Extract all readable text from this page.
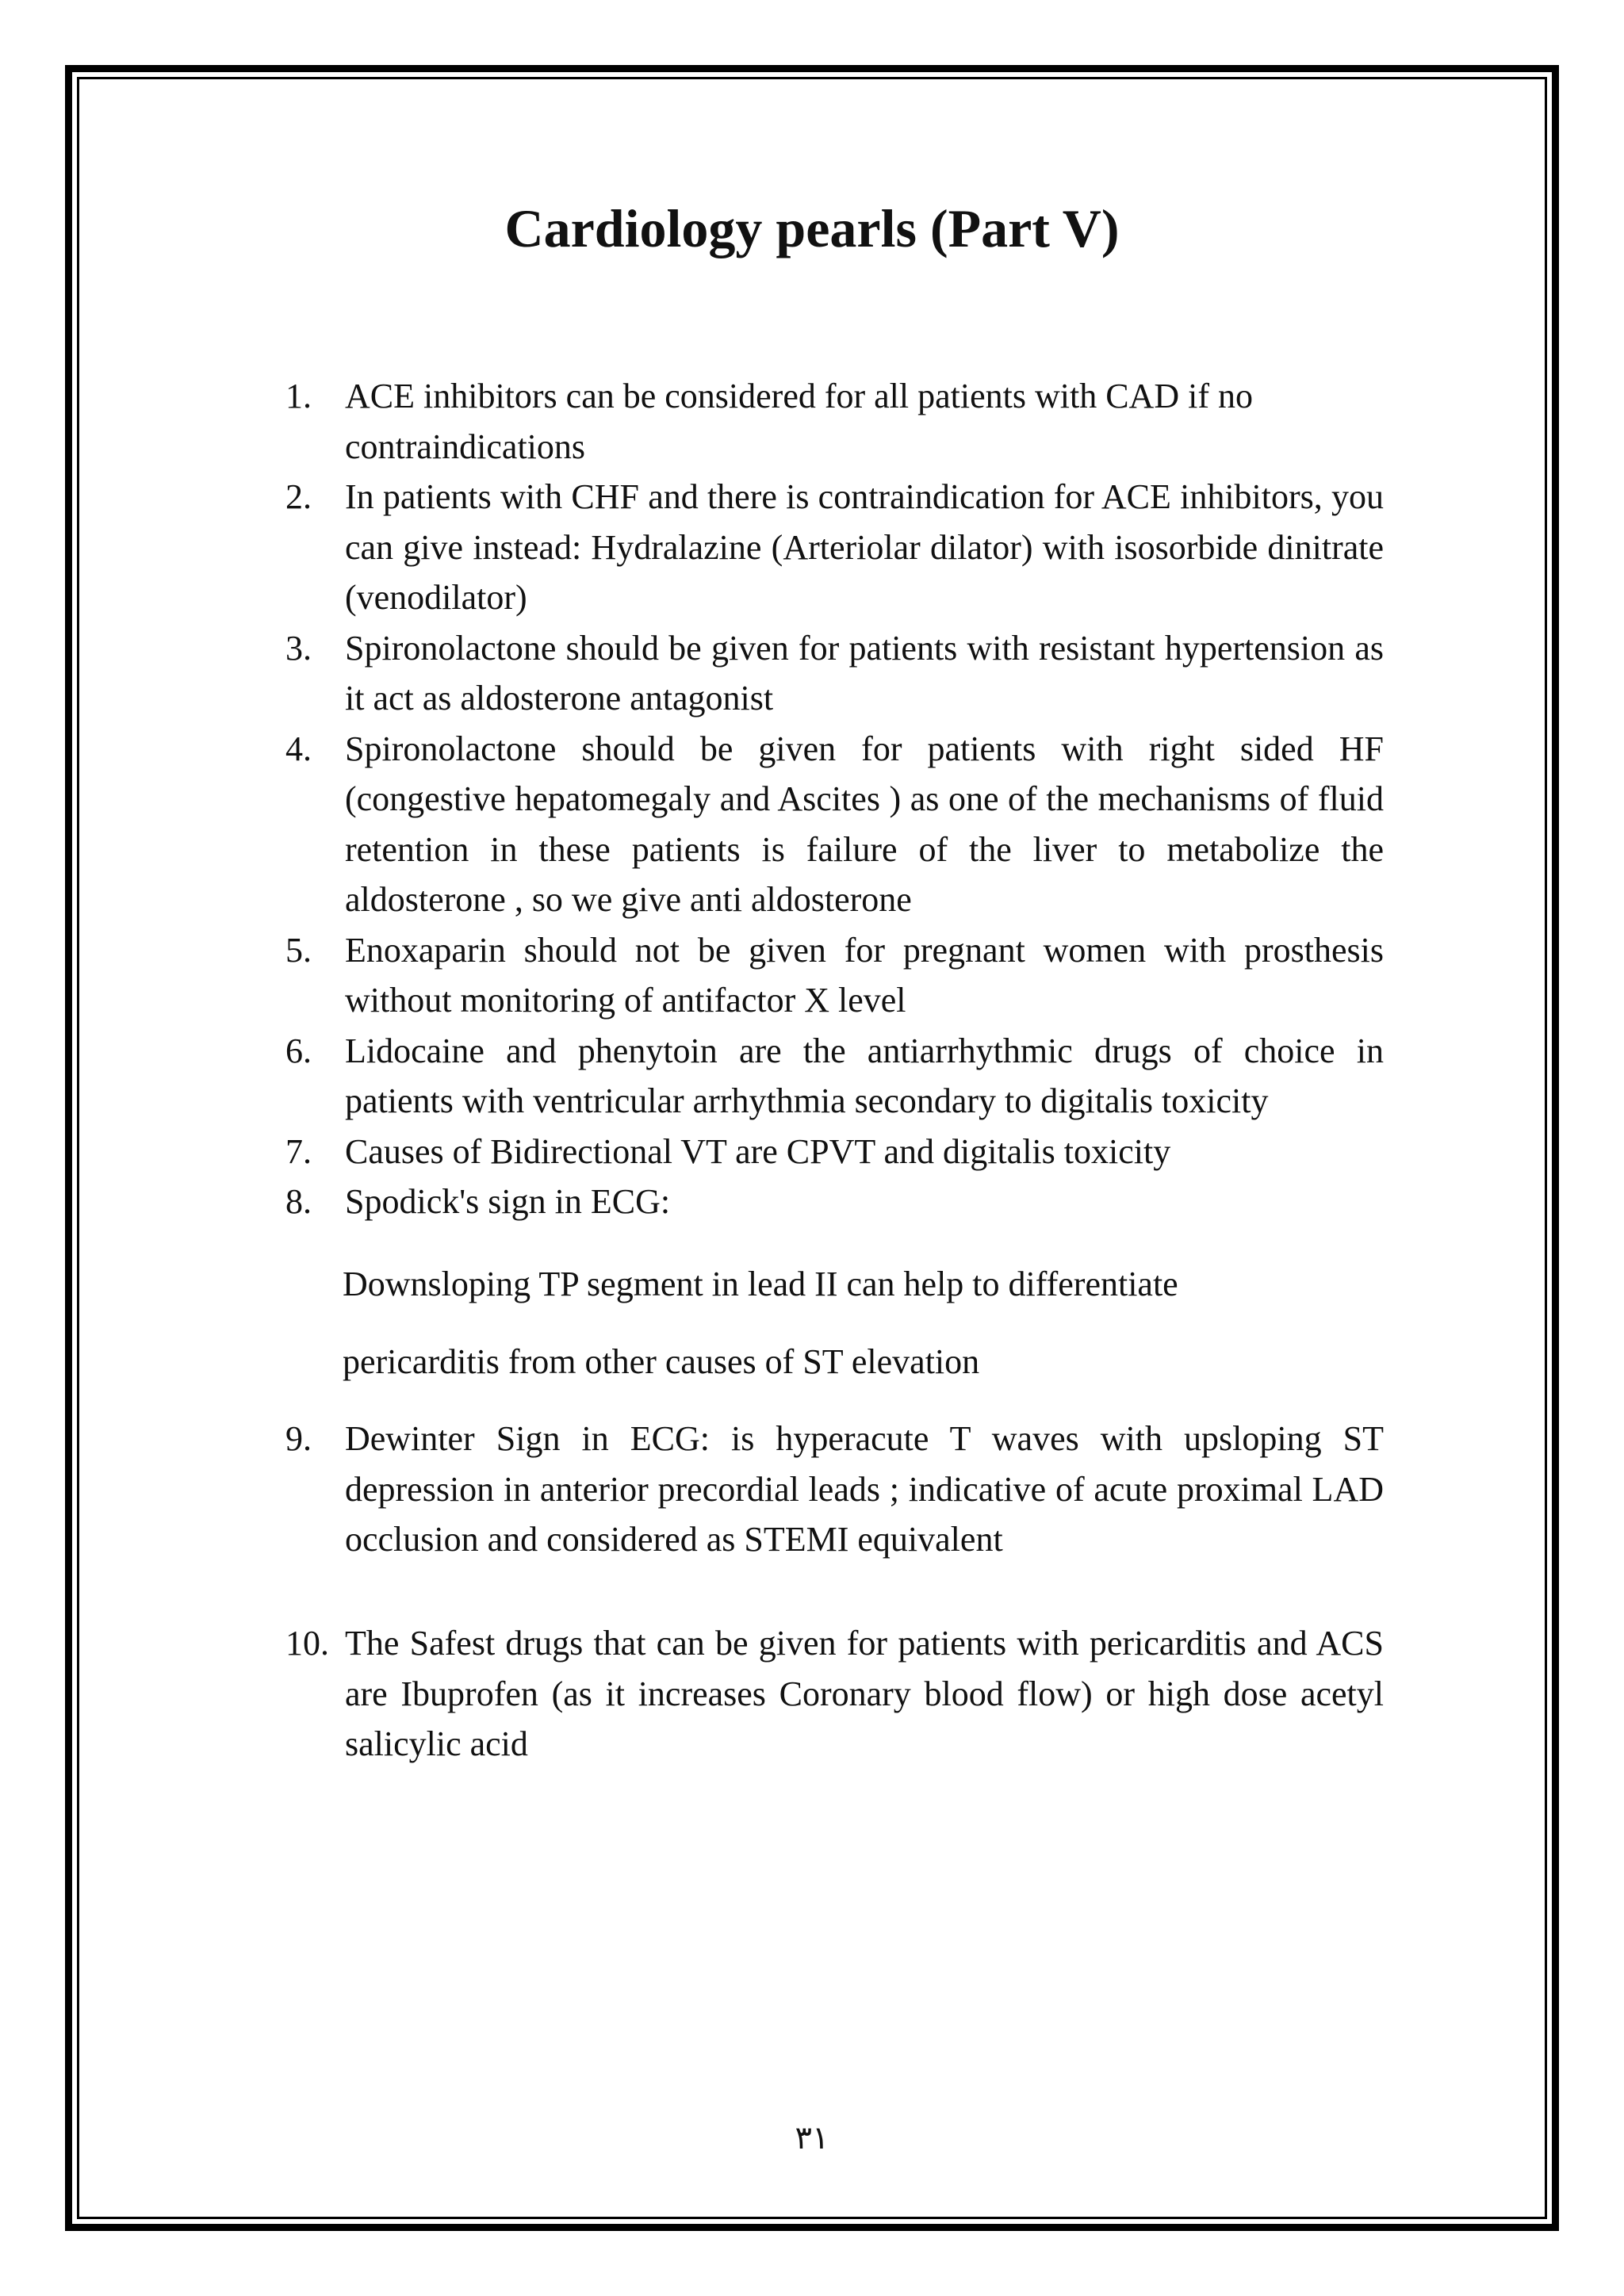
Cardiology pearls (Part V)
1. ACE inhibitors can be considered for all patients with CAD if no contraindications
2. In patients with CHF and there is contraindication for ACE inhibitors, you can give instead: Hydralazine (Arteriolar dilator) with isosorbide dinitrate (venodilator)
3. Spironolactone should be given for patients with resistant hypertension as it act as aldosterone antagonist
4. Spironolactone should be given for patients with right sided HF (congestive hepatomegaly and Ascites ) as one of the mechanisms of fluid retention in these patients is failure of the liver to metabolize the aldosterone , so we give anti aldosterone
5. Enoxaparin should not be given for pregnant women with prosthesis without monitoring of antifactor X level
6. Lidocaine and phenytoin are the antiarrhythmic drugs of choice in patients with ventricular arrhythmia secondary to digitalis toxicity
7. Causes of Bidirectional VT are CPVT and digitalis toxicity
8. Spodick's sign in ECG:
Downsloping TP segment in lead II can help to differentiate
pericarditis from other causes of ST elevation
9. Dewinter Sign in ECG: is hyperacute T waves with upsloping ST depression in anterior precordial leads ; indicative of acute proximal LAD occlusion and considered as STEMI equivalent
10. The Safest drugs that can be given for patients with pericarditis and ACS are Ibuprofen (as it increases Coronary blood flow) or high dose acetyl salicylic acid
٣١
